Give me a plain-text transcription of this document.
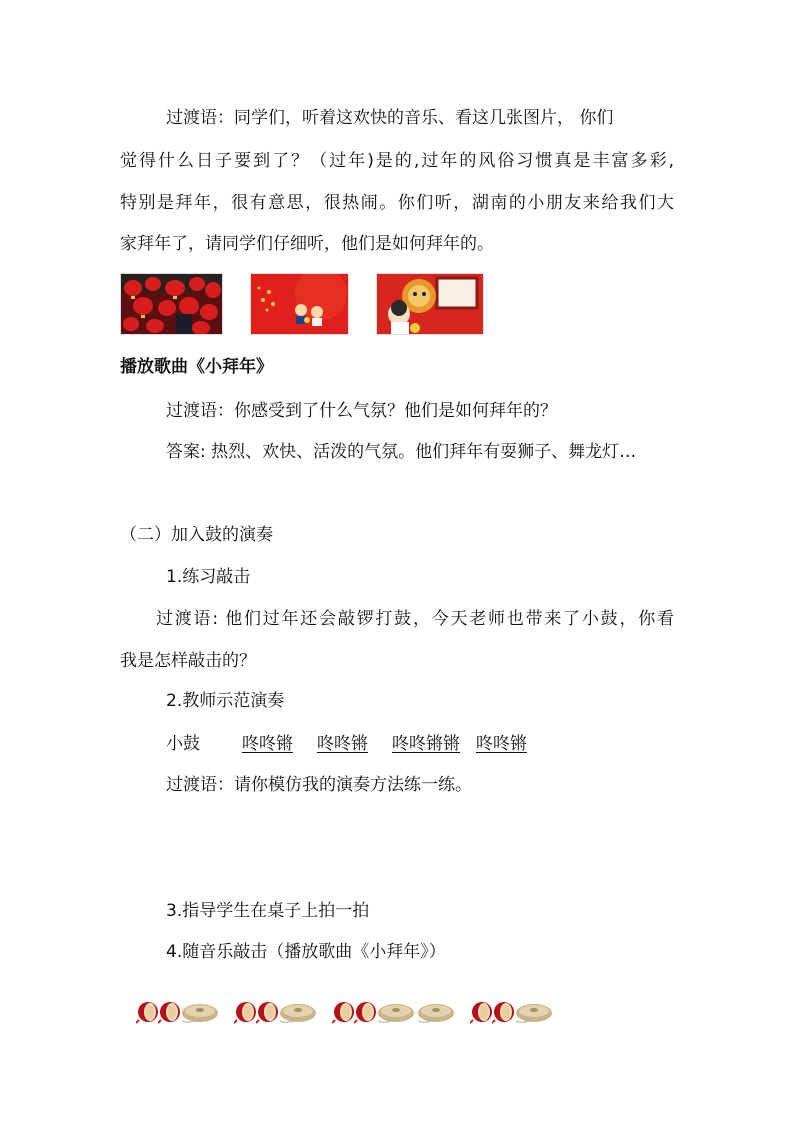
过渡语：同学们，听着这欢快的音乐、看这几张图片， 你们
觉得什么日子要到了？（过年)是的,过年的风俗习惯真是丰富多彩,
特别是拜年，很有意思，很热闹。你们听，湖南的小朋友来给我们大
家拜年了，请同学们仔细听，他们是如何拜年的。
播放歌曲《小拜年》
过渡语：你感受到了什么气氛？他们是如何拜年的？
答案: 热烈、欢快、活泼的气氛。他们拜年有耍狮子、舞龙灯…
（二）加入鼓的演奏
1.练习敲击
过渡语: 他们过年还会敲锣打鼓，今天老师也带来了小鼓，你看
我是怎样敲击的？
2.教师示范演奏
小鼓 咚咚锵 咚咚锵 咚咚锵锵 咚咚锵
过渡语：请你模仿我的演奏方法练一练。
3.指导学生在桌子上拍一拍
4.随音乐敲击（播放歌曲《小拜年》）
